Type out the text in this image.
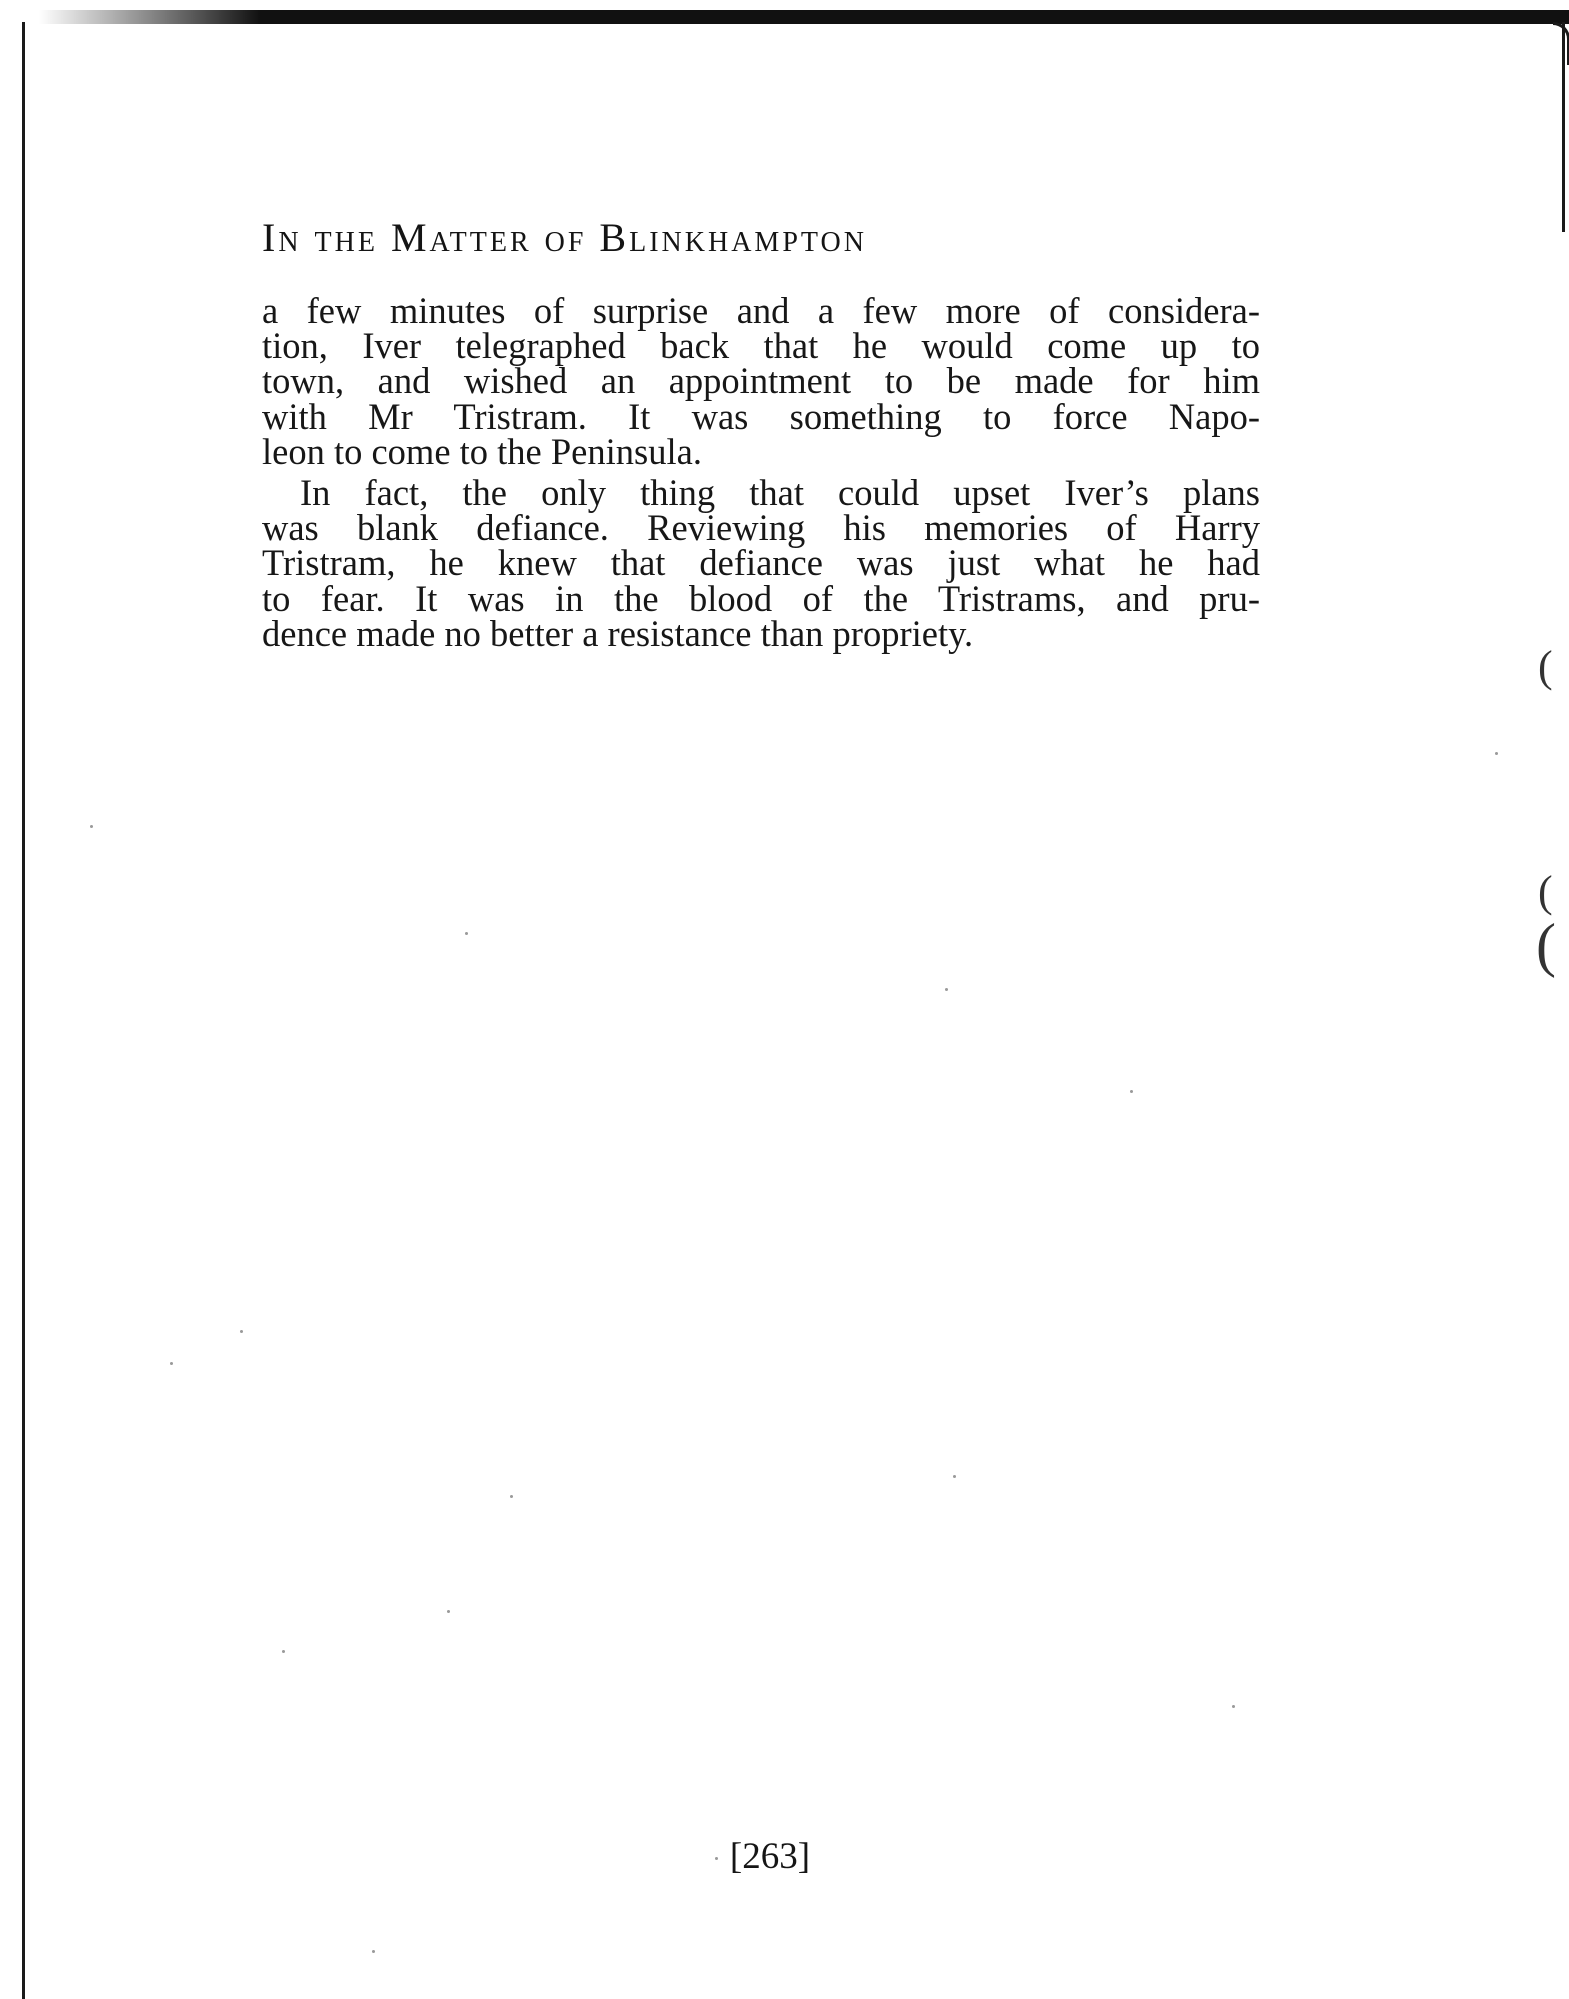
(
(
(
In the Matter of Blinkhampton

a few minutes of surprise and a few more of considera-
tion, Iver telegraphed back that he would come up to
town, and wished an appointment to be made for him
with Mr Tristram. It was something to force Napo-
leon to come to the Peninsula.

In fact, the only thing that could upset Iver’s plans
was blank defiance. Reviewing his memories of Harry
Tristram, he knew that defiance was just what he had
to fear. It was in the blood of the Tristrams, and pru-
dence made no better a resistance than propriety.

[263]
